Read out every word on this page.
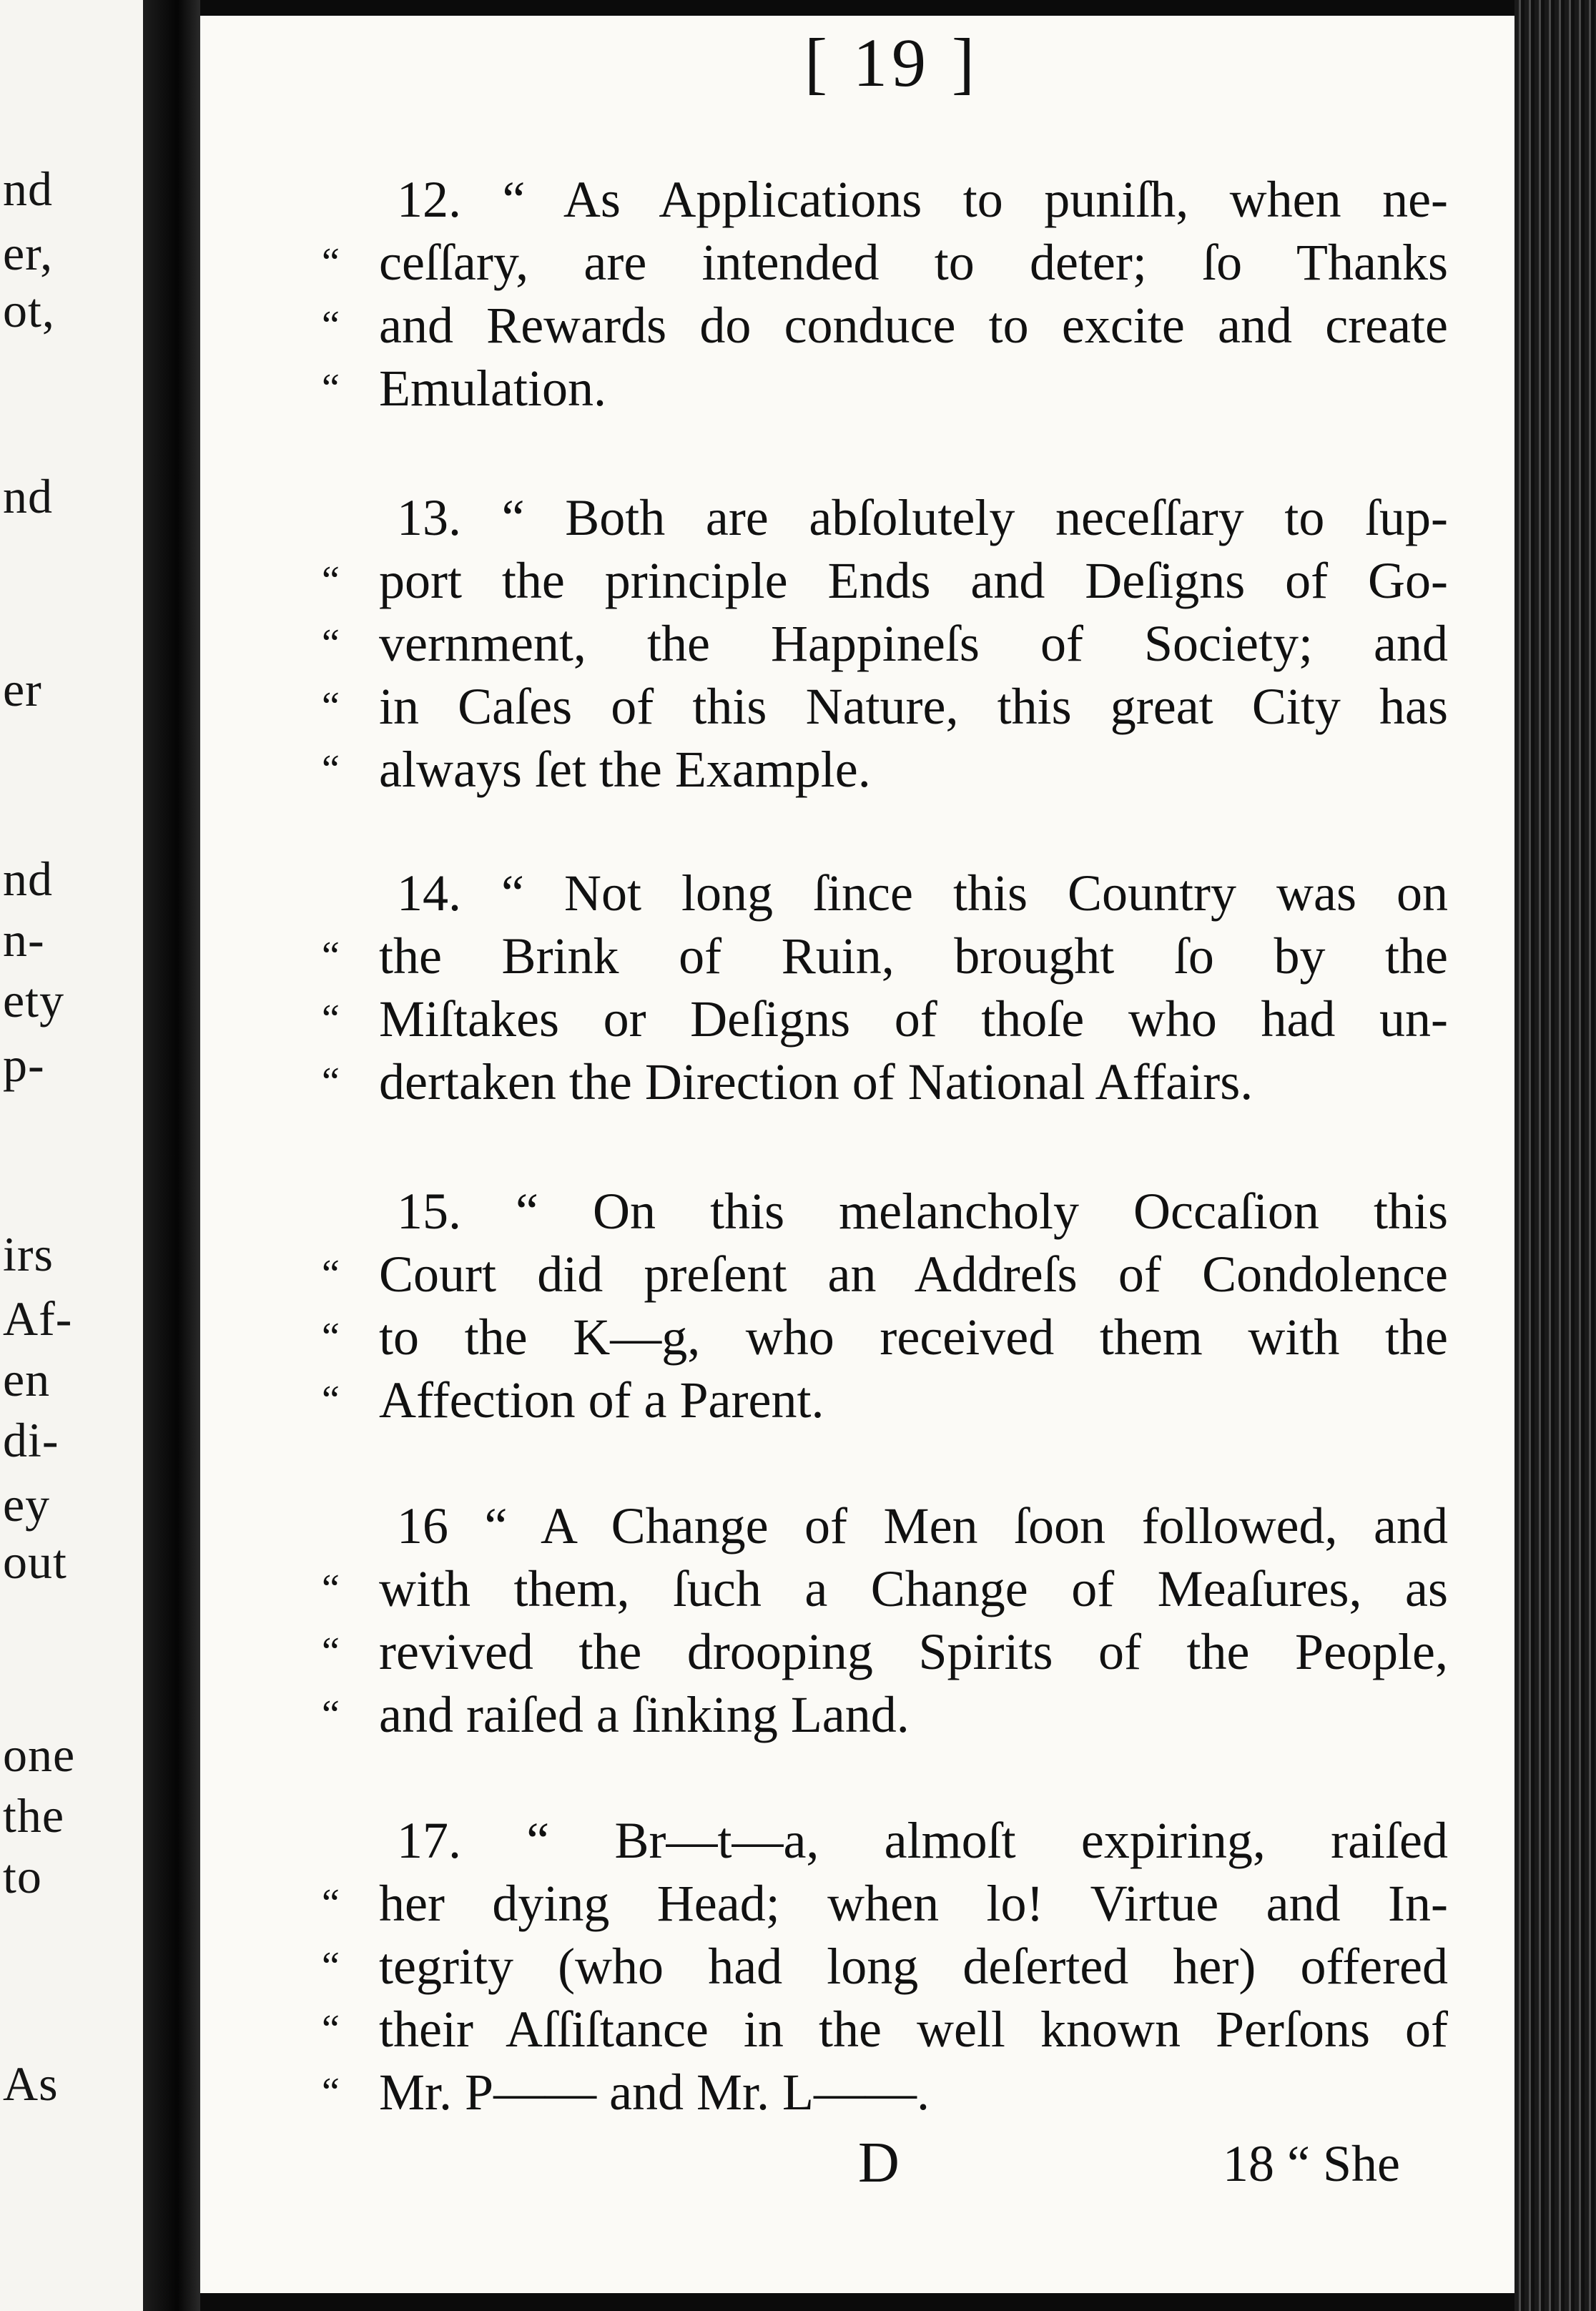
nd
er,
ot,
nd
er
nd
n-
ety
p-
irs
Af-
en
di-
ey
out
one
the
to
As
[ 19 ]
12. “ As Applications to puniſh, when ne-
“ ceſſary, are intended to deter; ſo Thanks
“ and Rewards do conduce to excite and create
“ Emulation.
13. “ Both are abſolutely neceſſary to ſup-
“ port the principle Ends and Deſigns of Go-
“ vernment, the Happineſs of Society; and
“ in Caſes of this Nature, this great City has
“ always ſet the Example.
14. “ Not long ſince this Country was on
“ the Brink of Ruin, brought ſo by the
“ Miſtakes or Deſigns of thoſe who had un-
“ dertaken the Direction of National Affairs.
15. “ On this melancholy Occaſion this
“ Court did preſent an Addreſs of Condolence
“ to the K—g, who received them with the
“ Affection of a Parent.
16 “ A Change of Men ſoon followed, and
“ with them, ſuch a Change of Meaſures, as
“ revived the drooping Spirits of the People,
“ and raiſed a ſinking Land.
17. “ Br—t—a, almoſt expiring, raiſed
“ her dying Head; when lo! Virtue and In-
“ tegrity (who had long deſerted her) offered
“ their Aſſiſtance in the well known Perſons of
“ Mr. P—— and Mr. L——.
D	18 “ She
